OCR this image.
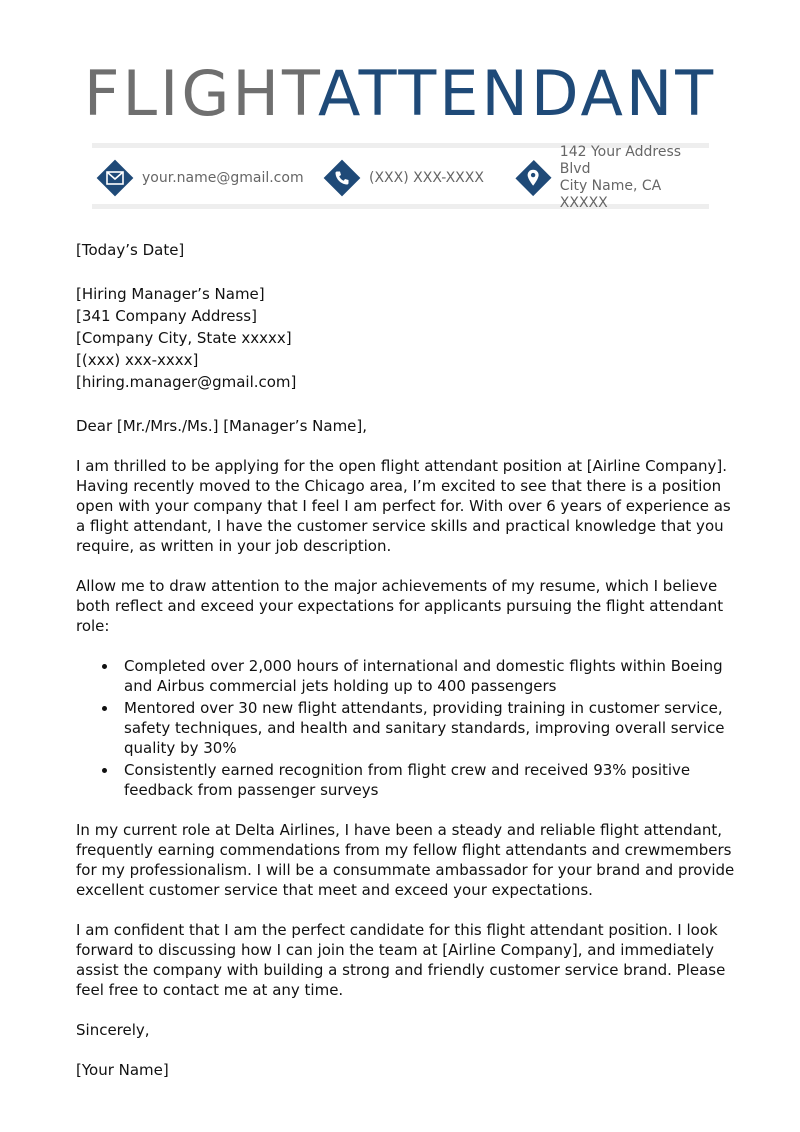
FLIGHTATTENDANT
your.name@gmail.com	(XXX) XXX-XXXX
142 Your Address Blvd
City Name, CA XXXXX
[Today’s Date]
[Hiring Manager’s Name]
[341 Company Address]
[Company City, State xxxxx]
[(xxx) xxx-xxxx]
[hiring.manager@gmail.com]

Dear [Mr./Mrs./Ms.] [Manager’s Name],

I am thrilled to be applying for the open flight attendant position at [Airline Company]. Having recently moved to the Chicago area, I’m excited to see that there is a position open with your company that I feel I am perfect for. With over 6 years of experience as a flight attendant, I have the customer service skills and practical knowledge that you require, as written in your job description.

Allow me to draw attention to the major achievements of my resume, which I believe both reflect and exceed your expectations for applicants pursuing the flight attendant role:

Completed over 2,000 hours of international and domestic flights within Boeing and Airbus commercial jets holding up to 400 passengers
Mentored over 30 new flight attendants, providing training in customer service, safety techniques, and health and sanitary standards, improving overall service quality by 30%
Consistently earned recognition from flight crew and received 93% positive feedback from passenger surveys

In my current role at Delta Airlines, I have been a steady and reliable flight attendant, frequently earning commendations from my fellow flight attendants and crewmembers for my professionalism. I will be a consummate ambassador for your brand and provide excellent customer service that meet and exceed your expectations.

I am confident that I am the perfect candidate for this flight attendant position. I look forward to discussing how I can join the team at [Airline Company], and immediately assist the company with building a strong and friendly customer service brand. Please feel free to contact me at any time.

Sincerely,

[Your Name]
